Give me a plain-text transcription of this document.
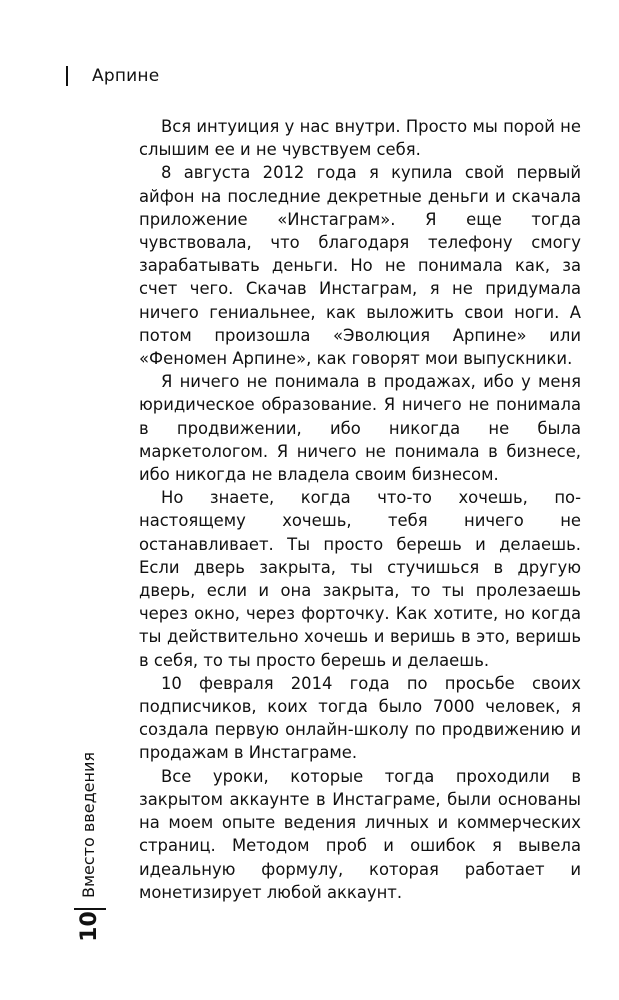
Арпине

Вся интуиция у нас внутри. Просто мы порой не слышим ее и не чувствуем себя.

8 августа 2012 года я купила свой первый айфон на последние декретные деньги и скачала приложение «Инстаграм». Я еще тогда чувствовала, что благодаря телефону смогу зарабатывать деньги. Но не понимала как, за счет чего. Скачав Инстаграм, я не придумала ничего гениальнее, как выложить свои ноги. А потом произошла «Эволюция Арпине» или «Феномен Арпине», как говорят мои выпускники.

Я ничего не понимала в продажах, ибо у меня юридическое образование. Я ничего не понимала в продвижении, ибо никогда не была маркетологом. Я ничего не понимала в бизнесе, ибо никогда не владела своим бизнесом.

Но знаете, когда что-то хочешь, по-настоящему хочешь, тебя ничего не останавливает. Ты просто берешь и делаешь. Если дверь закрыта, ты стучишься в другую дверь, если и она закрыта, то ты пролезаешь через окно, через форточку. Как хотите, но когда ты действительно хочешь и веришь в это, веришь в себя, то ты просто берешь и делаешь.

10 февраля 2014 года по просьбе своих подписчиков, коих тогда было 7000 человек, я создала первую онлайн-школу по продвижению и продажам в Инстаграме.

Все уроки, которые тогда проходили в закрытом аккаунте в Инстаграме, были основаны на моем опыте ведения личных и коммерческих страниц. Методом проб и ошибок я вывела идеальную формулу, которая работает и монетизирует любой аккаунт.

Вместо введения
10
